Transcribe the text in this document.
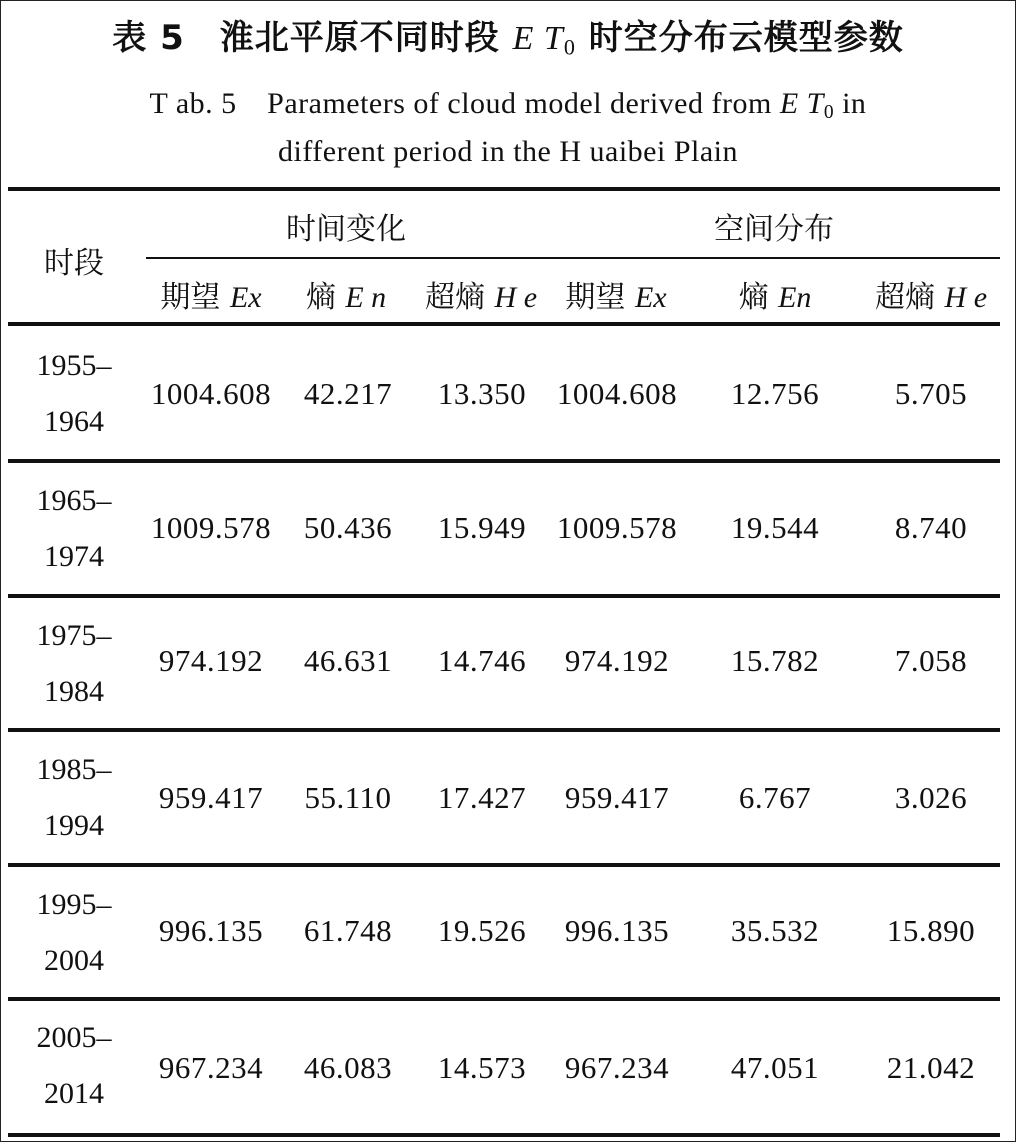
表 5　淮北平原不同时段 E $T_0$ 时空分布云模型参数
T ab. 5　Parameters of cloud model derived from E $T_0$ in
different period in the H uaibei Plain
时段
时间变化	空间分布
期望 Ex	熵 E n	超熵 H e 期望 Ex	熵 En	超熵 H e
1955–
1964
1004.608	42.217	13.350 1004.608	12.756	5.705
1965–
1974
1009.578	50.436	15.949 1009.578	19.544	8.740
1975–
1984
974.192	46.631	14.746	974.192	15.782	7.058
1985–
1994
959.417	55.110	17.427	959.417	6.767	3.026
1995–
2004
996.135	61.748	19.526	996.135	35.532	15.890
2005–
2014
967.234	46.083	14.573	967.234	47.051	21.042
